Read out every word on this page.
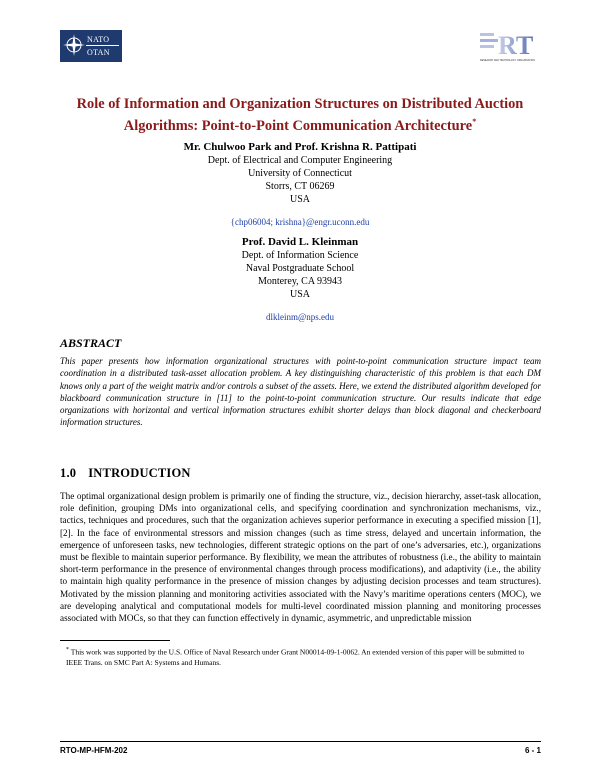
NATO
OTAN	RT
RESEARCH AND TECHNOLOGY ORGANISATION
Role of Information and Organization Structures on Distributed Auction
Algorithms: Point-to-Point Communication Architecture*
Mr. Chulwoo Park and Prof. Krishna R. Pattipati
Dept. of Electrical and Computer Engineering
University of Connecticut
Storrs, CT 06269
USA
{chp06004; krishna}@engr.uconn.edu
Prof. David L. Kleinman
Dept. of Information Science
Naval Postgraduate School
Monterey, CA 93943
USA
dlkleinm@nps.edu
ABSTRACT
This paper presents how information organizational structures with point-to-point communication structure impact team coordination in a distributed task-asset allocation problem. A key distinguishing characteristic of this problem is that each DM knows only a part of the weight matrix and/or controls a subset of the assets. Here, we extend the distributed algorithm developed for blackboard communication structure in [11] to the point-to-point communication structure. Our results indicate that edge organizations with horizontal and vertical information structures exhibit shorter delays than block diagonal and checkerboard information structures.
1.0 INTRODUCTION
The optimal organizational design problem is primarily one of finding the structure, viz., decision hierarchy, asset-task allocation, role definition, grouping DMs into organizational cells, and specifying coordination and synchronization mechanisms, viz., tactics, techniques and procedures, such that the organization achieves superior performance in executing a specified mission [1], [2]. In the face of environmental stressors and mission changes (such as time stress, delayed and uncertain information, the emergence of unforeseen tasks, new technologies, different strategic options on the part of one’s adversaries, etc.), organizations must be flexible to maintain superior performance. By flexibility, we mean the attributes of robustness (i.e., the ability to maintain short-term performance in the presence of environmental changes through process modifications), and adaptivity (i.e., the ability to maintain high quality performance in the presence of mission changes by adjusting decision processes and team structures). Motivated by the mission planning and monitoring activities associated with the Navy’s maritime operations centers (MOC), we are developing analytical and computational models for multi-level coordinated mission planning and monitoring processes associated with MOCs, so that they can function effectively in dynamic, asymmetric, and unpredictable mission
* This work was supported by the U.S. Office of Naval Research under Grant N00014-09-1-0062. An extended version of this paper will be submitted to IEEE Trans. on SMC Part A: Systems and Humans.
RTO-MP-HFM-202	6 - 1
